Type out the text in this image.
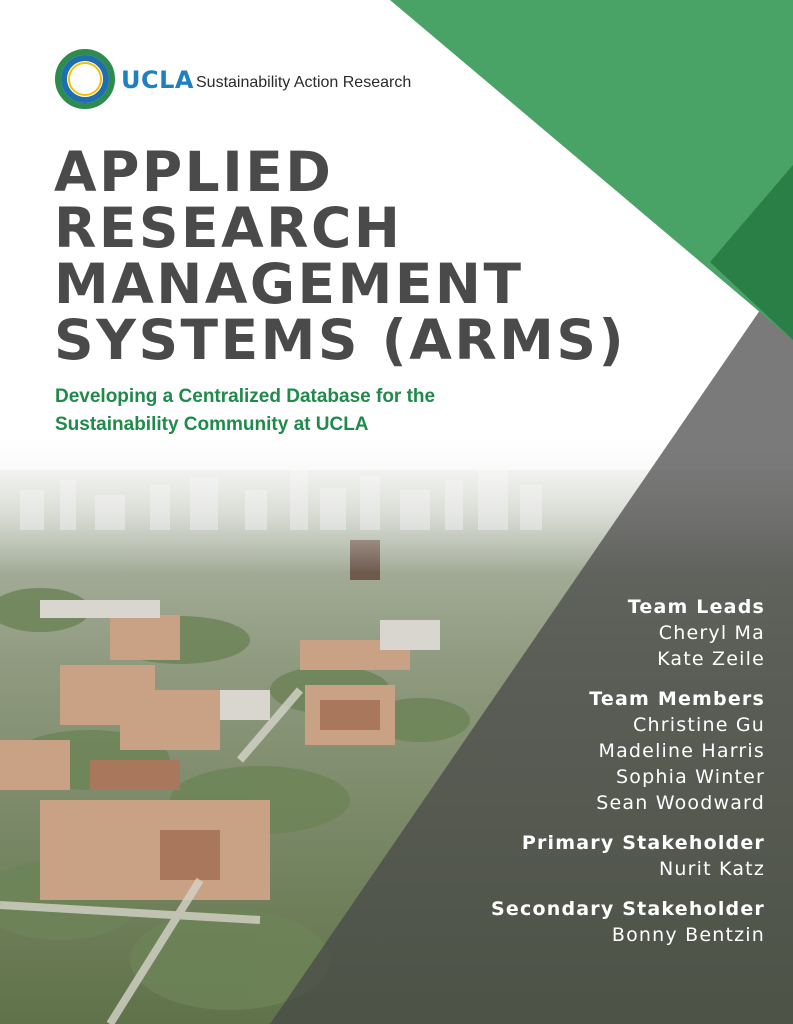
UCLA Sustainability Action Research
APPLIED
RESEARCH
MANAGEMENT
SYSTEMS (ARMS)
Developing a Centralized Database for the
Sustainability Community at UCLA
Team Leads
Cheryl Ma
Kate Zeile
Team Members
Christine Gu
Madeline Harris
Sophia Winter
Sean Woodward
Primary Stakeholder
Nurit Katz
Secondary Stakeholder
Bonny Bentzin
